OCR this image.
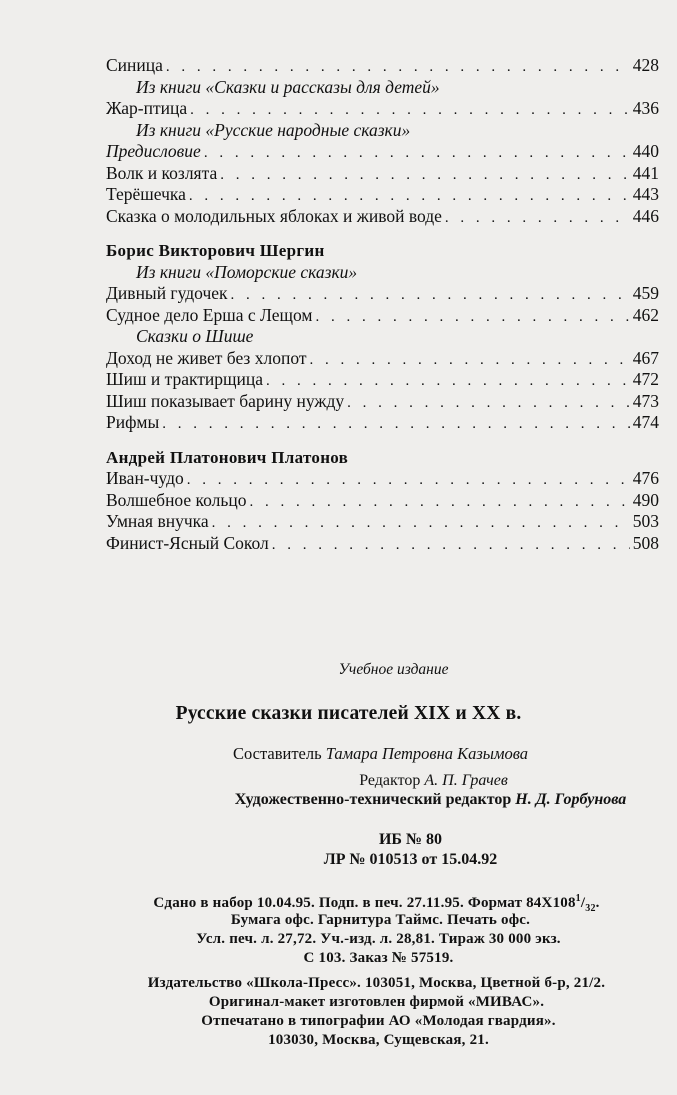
Синица . . .	428
Из книги «Сказки и рассказы для детей»
Жар-птица . . .	436
Из книги «Русские народные сказки»
Предисловие . . .	440
Волк и козлята . . .	441
Терёшечка . . .	443
Сказка о молодильных яблоках и живой воде . . .	446
Борис Викторович Шергин
Из книги «Поморские сказки»
Дивный гудочек . . .	459
Судное дело Ерша с Лещом . . .	462
Сказки о Шише
Доход не живет без хлопот . . .	467
Шиш и трактирщица . . .	472
Шиш показывает барину нужду . . .	473
Рифмы . . .	474
Андрей Платонович Платонов
Иван-чудо . . .	476
Волшебное кольцо . . .	490
Умная внучка . . .	503
Финист-Ясный Сокол . . .	508
Учебное издание
Русские сказки писателей XIX и XX в.
Составитель Тамара Петровна Казымова
Редактор А. П. Грачев
Художественно-технический редактор Н. Д. Горбунова
ИБ № 80
ЛР № 010513 от 15.04.92
Сдано в набор 10.04.95. Подп. в печ. 27.11.95. Формат $84X108^1/_{32}$.
Бумага офс. Гарнитура Таймс. Печать офс.
Усл. печ. л. 27,72. Уч.-изд. л. 28,81. Тираж 30 000 экз.
С 103. Заказ № 57519.
Издательство «Школа-Пресс». 103051, Москва, Цветной б-р, 21/2.
Оригинал-макет изготовлен фирмой «МИВАС».
Отпечатано в типографии АО «Молодая гвардия».
103030, Москва, Сущевская, 21.
